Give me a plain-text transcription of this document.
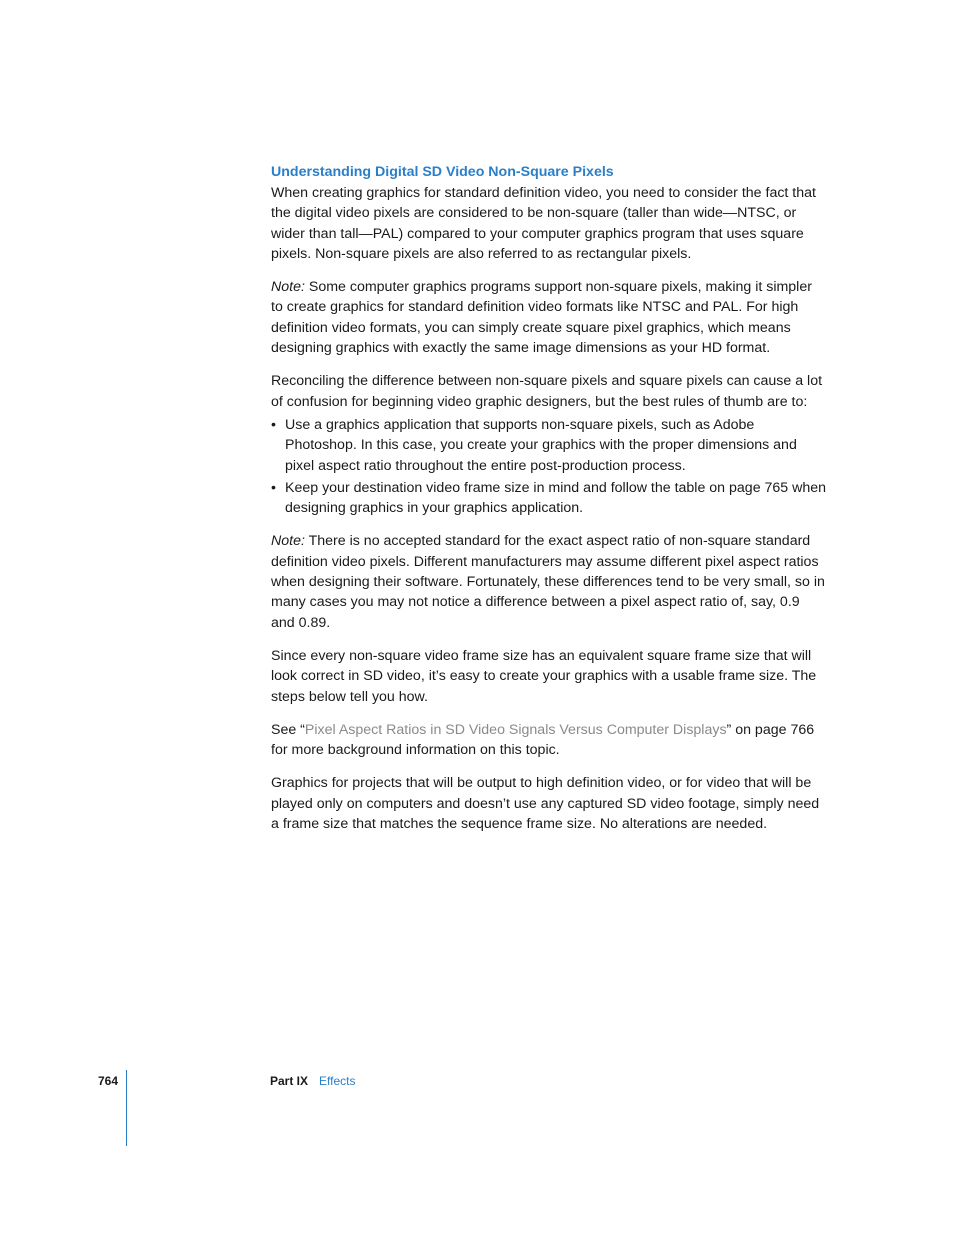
Understanding Digital SD Video Non-Square Pixels

When creating graphics for standard definition video, you need to consider the fact that the digital video pixels are considered to be non-square (taller than wide—NTSC, or wider than tall—PAL) compared to your computer graphics program that uses square pixels. Non-square pixels are also referred to as rectangular pixels.

Note: Some computer graphics programs support non-square pixels, making it simpler to create graphics for standard definition video formats like NTSC and PAL. For high definition video formats, you can simply create square pixel graphics, which means designing graphics with exactly the same image dimensions as your HD format.

Reconciling the difference between non-square pixels and square pixels can cause a lot of confusion for beginning video graphic designers, but the best rules of thumb are to:

• Use a graphics application that supports non-square pixels, such as Adobe Photoshop. In this case, you create your graphics with the proper dimensions and pixel aspect ratio throughout the entire post-production process.
• Keep your destination video frame size in mind and follow the table on page 765 when designing graphics in your graphics application.

Note: There is no accepted standard for the exact aspect ratio of non-square standard definition video pixels. Different manufacturers may assume different pixel aspect ratios when designing their software. Fortunately, these differences tend to be very small, so in many cases you may not notice a difference between a pixel aspect ratio of, say, 0.9 and 0.89.

Since every non-square video frame size has an equivalent square frame size that will look correct in SD video, it’s easy to create your graphics with a usable frame size. The steps below tell you how.

See “Pixel Aspect Ratios in SD Video Signals Versus Computer Displays” on page 766 for more background information on this topic.

Graphics for projects that will be output to high definition video, or for video that will be played only on computers and doesn’t use any captured SD video footage, simply need a frame size that matches the sequence frame size. No alterations are needed.

764	Part IX Effects
